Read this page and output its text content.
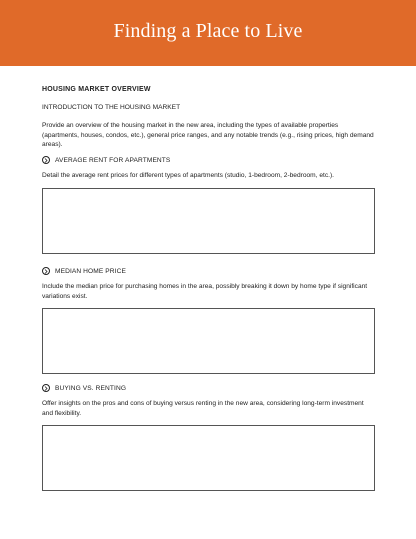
Finding a Place to Live
HOUSING MARKET OVERVIEW
INTRODUCTION TO THE HOUSING MARKET
Provide an overview of the housing market in the new area, including the types of available properties (apartments, houses, condos, etc.), general price ranges, and any notable trends (e.g., rising prices, high demand areas).
AVERAGE RENT FOR APARTMENTS
Detail the average rent prices for different types of apartments (studio, 1-bedroom, 2-bedroom, etc.).
MEDIAN HOME PRICE
Include the median price for purchasing homes in the area, possibly breaking it down by home type if significant variations exist.
BUYING VS. RENTING
Offer insights on the pros and cons of buying versus renting in the new area, considering long-term investment and flexibility.
